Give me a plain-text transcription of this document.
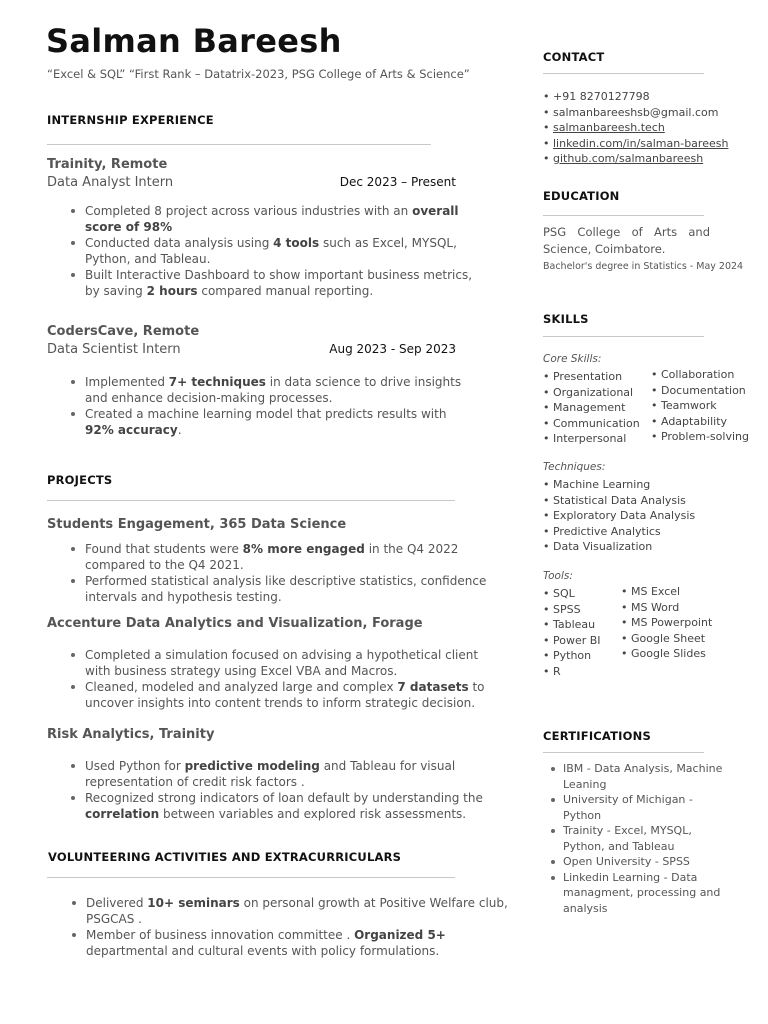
Salman Bareesh
“Excel & SQL” “First Rank – Datatrix-2023, PSG College of Arts & Science”
INTERNSHIP EXPERIENCE
Trainity, Remote
Data Analyst Intern	Dec 2023 – Present
Completed 8 project across various industries with an overall score of 98%
Conducted data analysis using 4 tools such as Excel, MYSQL, Python, and Tableau.
Built Interactive Dashboard to show important business metrics, by saving 2 hours compared manual reporting.
CodersCave, Remote
Data Scientist Intern	Aug 2023 - Sep 2023
Implemented 7+ techniques in data science to drive insights and enhance decision-making processes.
Created a machine learning model that predicts results with 92% accuracy.
PROJECTS
Students Engagement, 365 Data Science
Found that students were 8% more engaged in the Q4 2022 compared to the Q4 2021.
Performed statistical analysis like descriptive statistics, confidence intervals and hypothesis testing.
Accenture Data Analytics and Visualization, Forage
Completed a simulation focused on advising a hypothetical client with business strategy using Excel VBA and Macros.
Cleaned, modeled and analyzed large and complex 7 datasets to uncover insights into content trends to inform strategic decision.
Risk Analytics, Trainity
Used Python for predictive modeling and Tableau for visual representation of credit risk factors .
Recognized strong indicators of loan default by understanding the correlation between variables and explored risk assessments.
VOLUNTEERING ACTIVITIES AND EXTRACURRICULARS
Delivered 10+ seminars on personal growth at Positive Welfare club, PSGCAS .
Member of business innovation committee . Organized 5+ departmental and cultural events with policy formulations.
CONTACT
• +91 8270127798
• salmanbareeshsb@gmail.com
• salmanbareesh.tech
• linkedin.com/in/salman-bareesh
• github.com/salmanbareesh
EDUCATION
PSG College of Arts and Science, Coimbatore.
Bachelor's degree in Statistics - May 2024
SKILLS
Core Skills:
• Presentation
• Organizational
• Management
• Communication
• Interpersonal
• Collaboration
• Documentation
• Teamwork
• Adaptability
• Problem-solving
Techniques:
• Machine Learning
• Statistical Data Analysis
• Exploratory Data Analysis
• Predictive Analytics
• Data Visualization
Tools:
• SQL
• SPSS
• Tableau
• Power BI
• Python
• R
• MS Excel
• MS Word
• MS Powerpoint
• Google Sheet
• Google Slides
CERTIFICATIONS
IBM - Data Analysis, Machine Leaning
University of Michigan - Python
Trainity - Excel, MYSQL, Python, and Tableau
Open University - SPSS
Linkedin Learning - Data managment, processing and analysis
